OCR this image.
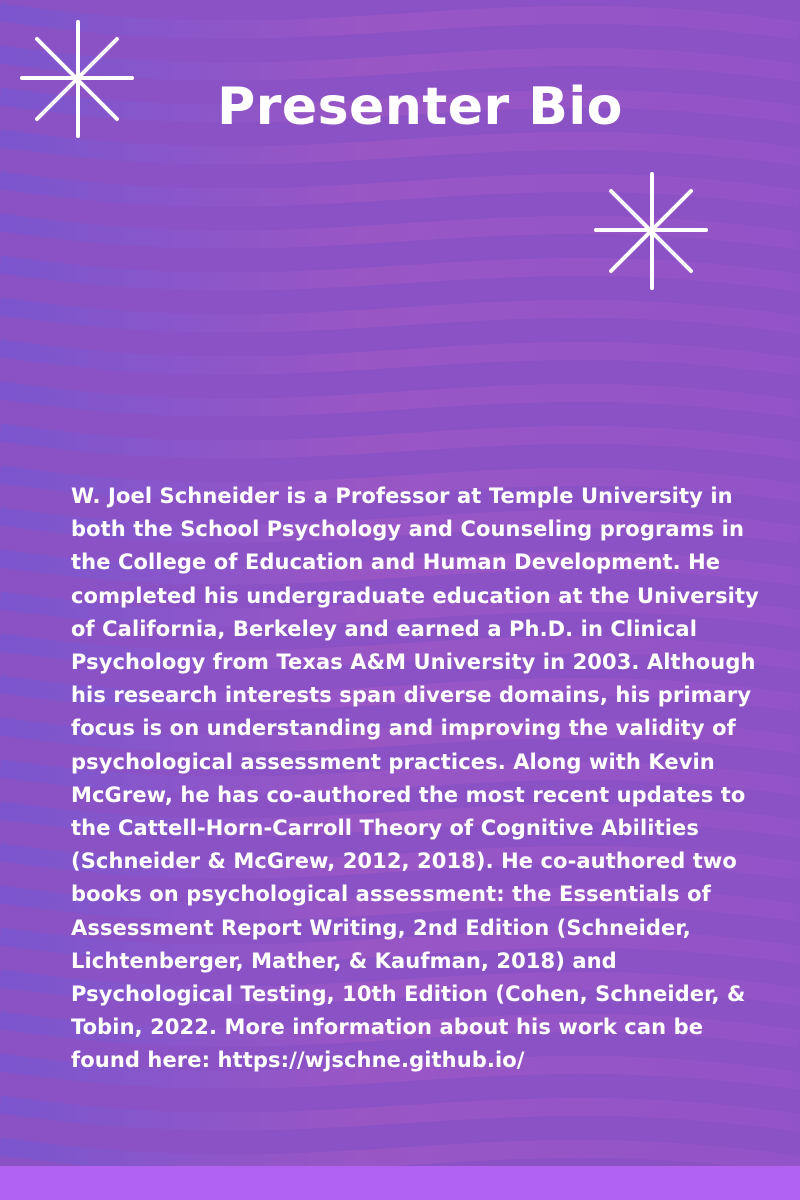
Presenter Bio

W. Joel Schneider is a Professor at Temple University in both the School Psychology and Counseling programs in the College of Education and Human Development. He completed his undergraduate education at the University of California, Berkeley and earned a Ph.D. in Clinical Psychology from Texas A&M University in 2003. Although his research interests span diverse domains, his primary focus is on understanding and improving the validity of psychological assessment practices. Along with Kevin McGrew, he has co-authored the most recent updates to the Cattell-Horn-Carroll Theory of Cognitive Abilities (Schneider & McGrew, 2012, 2018). He co-authored two books on psychological assessment: the Essentials of Assessment Report Writing, 2nd Edition (Schneider, Lichtenberger, Mather, & Kaufman, 2018) and Psychological Testing, 10th Edition (Cohen, Schneider, & Tobin, 2022. More information about his work can be found here: https://wjschne.github.io/
